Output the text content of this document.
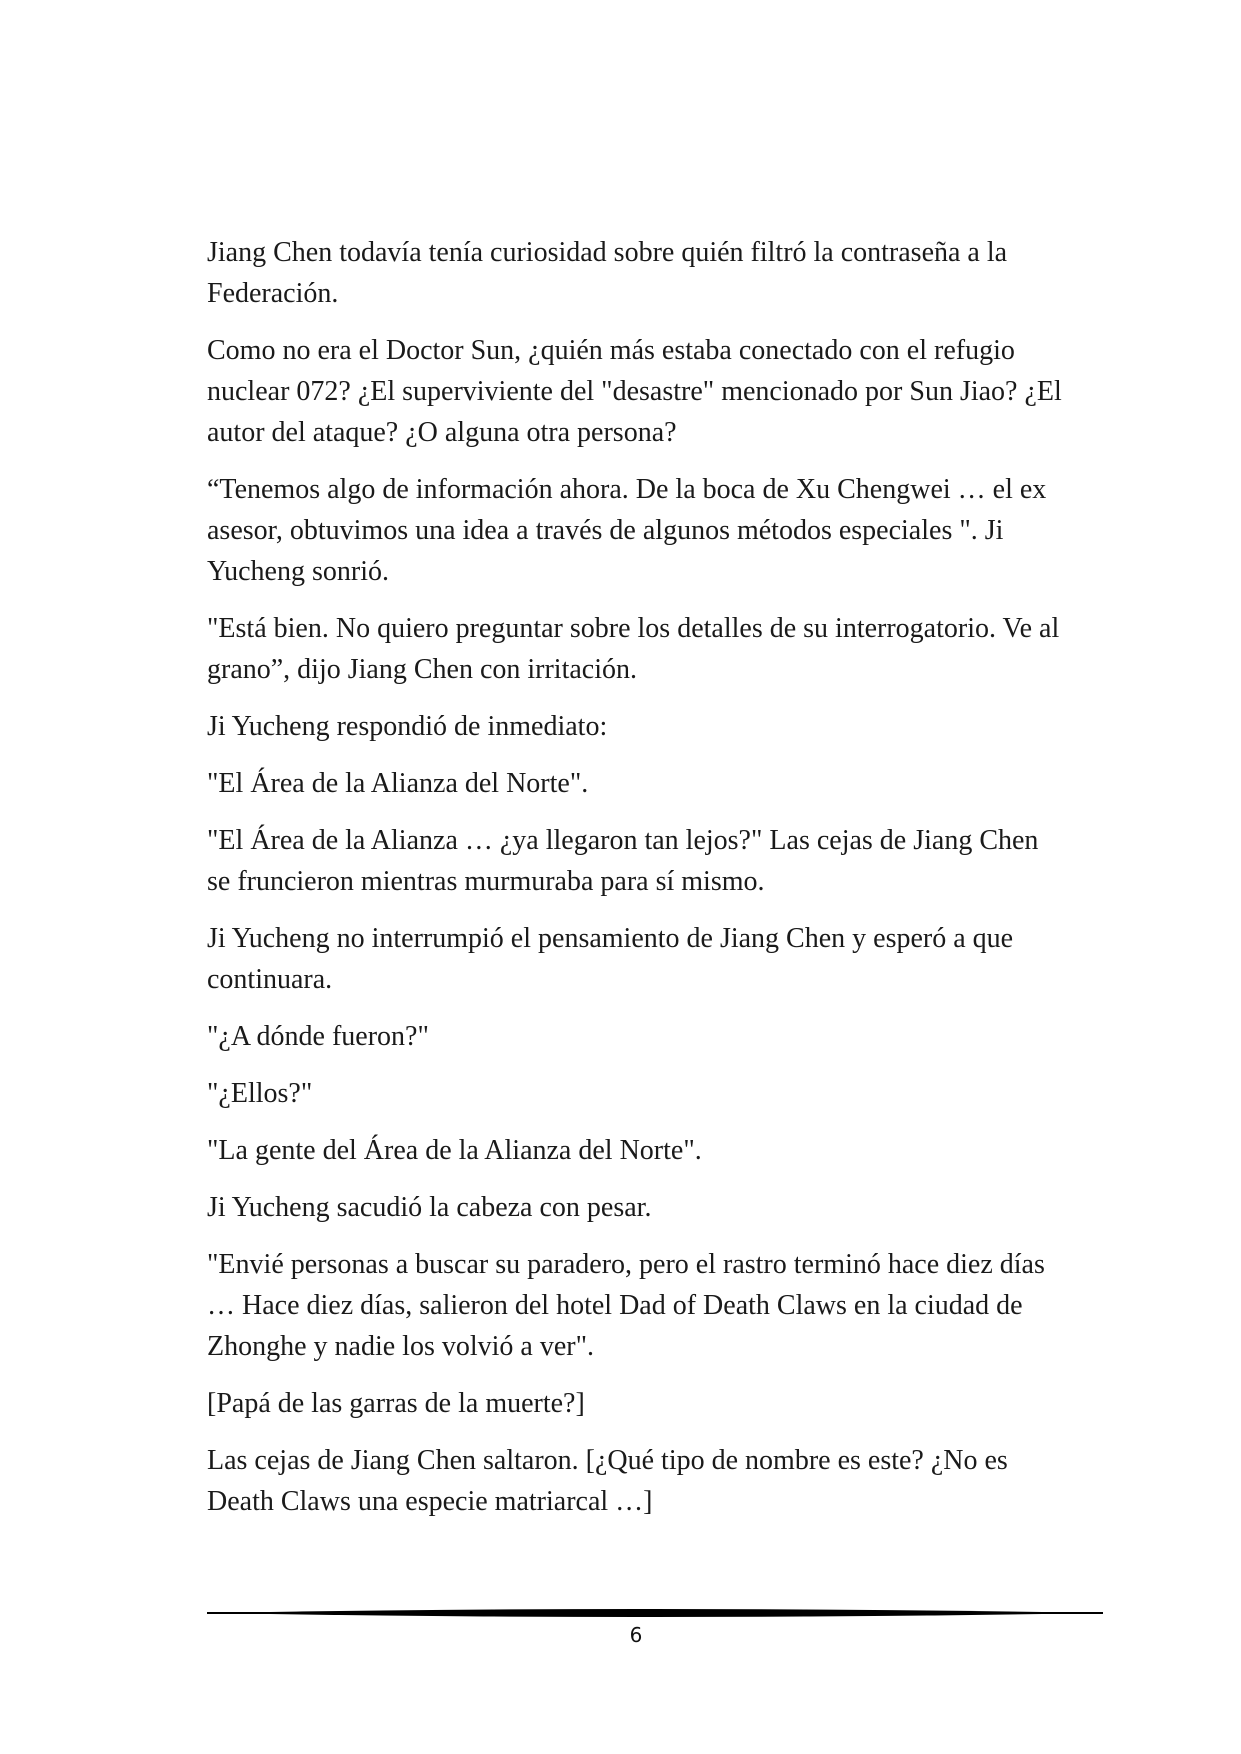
Jiang Chen todavía tenía curiosidad sobre quién filtró la contraseña a la Federación.

Como no era el Doctor Sun, ¿quién más estaba conectado con el refugio nuclear 072? ¿El superviviente del "desastre" mencionado por Sun Jiao? ¿El autor del ataque? ¿O alguna otra persona?

“Tenemos algo de información ahora. De la boca de Xu Chengwei … el ex asesor, obtuvimos una idea a través de algunos métodos especiales ". Ji Yucheng sonrió.

"Está bien. No quiero preguntar sobre los detalles de su interrogatorio. Ve al grano”, dijo Jiang Chen con irritación.

Ji Yucheng respondió de inmediato:

"El Área de la Alianza del Norte".

"El Área de la Alianza … ¿ya llegaron tan lejos?" Las cejas de Jiang Chen se fruncieron mientras murmuraba para sí mismo.

Ji Yucheng no interrumpió el pensamiento de Jiang Chen y esperó a que continuara.

"¿A dónde fueron?"

"¿Ellos?"

"La gente del Área de la Alianza del Norte".

Ji Yucheng sacudió la cabeza con pesar.

"Envié personas a buscar su paradero, pero el rastro terminó hace diez días … Hace diez días, salieron del hotel Dad of Death Claws en la ciudad de Zhonghe y nadie los volvió a ver".

[Papá de las garras de la muerte?]

Las cejas de Jiang Chen saltaron. [¿Qué tipo de nombre es este? ¿No es Death Claws una especie matriarcal …]

6
